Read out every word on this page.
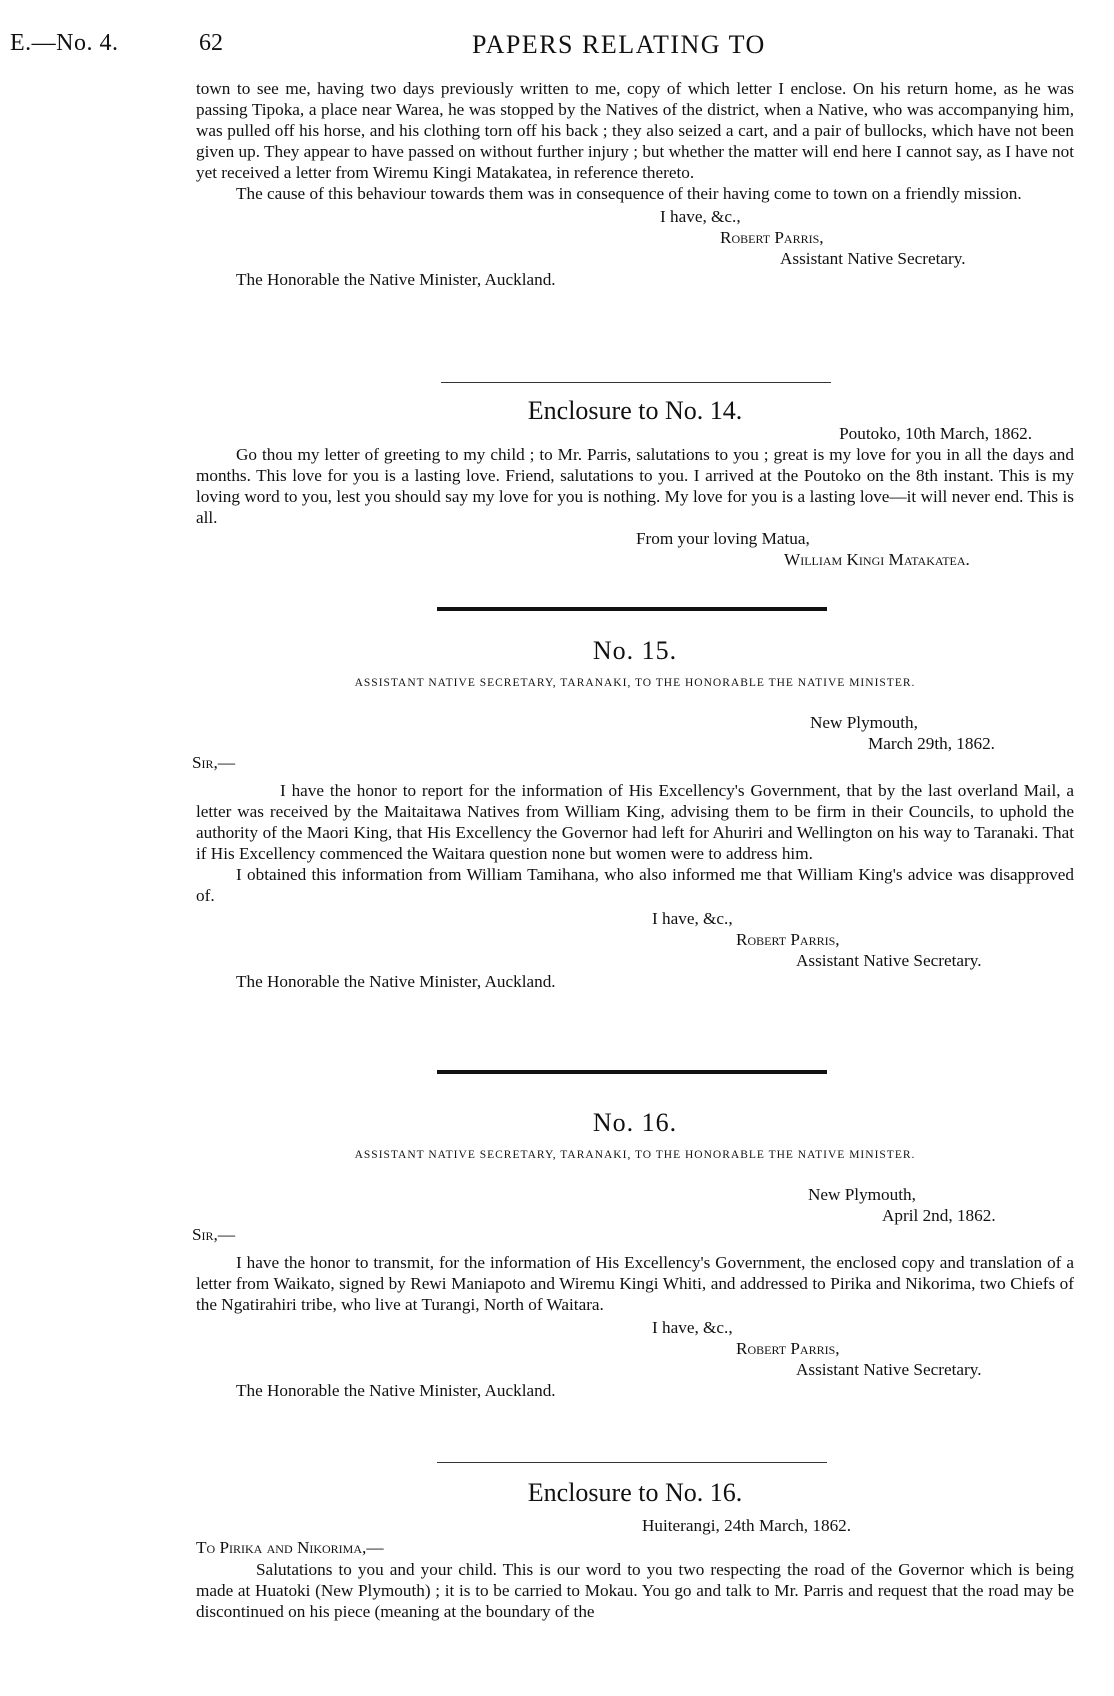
E.—No. 4.	62	PAPERS RELATING TO

town to see me, having two days previously written to me, copy of which letter I enclose. On his return home, as he was passing Tipoka, a place near Warea, he was stopped by the Natives of the district, when a Native, who was accompanying him, was pulled off his horse, and his clothing torn off his back ; they also seized a cart, and a pair of bullocks, which have not been given up. They appear to have passed on without further injury ; but whether the matter will end here I cannot say, as I have not yet received a letter from Wiremu Kingi Matakatea, in reference thereto.

The cause of this behaviour towards them was in consequence of their having come to town on a friendly mission.

I have, &c.,
Robert Parris,
Assistant Native Secretary.
The Honorable the Native Minister, Auckland.

Enclosure to No. 14.

Poutoko, 10th March, 1862.

Go thou my letter of greeting to my child ; to Mr. Parris, salutations to you ; great is my love for you in all the days and months. This love for you is a lasting love. Friend, salutations to you. I arrived at the Poutoko on the 8th instant. This is my loving word to you, lest you should say my love for you is nothing. My love for you is a lasting love—it will never end. This is all.

From your loving Matua,
William Kingi Matakatea.

No. 15.

ASSISTANT NATIVE SECRETARY, TARANAKI, TO THE HONORABLE THE NATIVE MINISTER.

New Plymouth,
March 29th, 1862.
Sir,—

I have the honor to report for the information of His Excellency's Government, that by the last overland Mail, a letter was received by the Maitaitawa Natives from William King, advising them to be firm in their Councils, to uphold the authority of the Maori King, that His Excellency the Governor had left for Ahuriri and Wellington on his way to Taranaki. That if His Excellency commenced the Waitara question none but women were to address him.

I obtained this information from William Tamihana, who also informed me that William King's advice was disapproved of.

I have, &c.,
Robert Parris,
Assistant Native Secretary.
The Honorable the Native Minister, Auckland.

No. 16.

ASSISTANT NATIVE SECRETARY, TARANAKI, TO THE HONORABLE THE NATIVE MINISTER.

New Plymouth,
April 2nd, 1862.
Sir,—

I have the honor to transmit, for the information of His Excellency's Government, the enclosed copy and translation of a letter from Waikato, signed by Rewi Maniapoto and Wiremu Kingi Whiti, and addressed to Pirika and Nikorima, two Chiefs of the Ngatirahiri tribe, who live at Turangi, North of Waitara.

I have, &c.,
Robert Parris,
Assistant Native Secretary.
The Honorable the Native Minister, Auckland.

Enclosure to No. 16.

Huiterangi, 24th March, 1862.
To Pirika and Nikorima,—

Salutations to you and your child. This is our word to you two respecting the road of the Governor which is being made at Huatoki (New Plymouth) ; it is to be carried to Mokau. You go and talk to Mr. Parris and request that the road may be discontinued on his piece (meaning at the boundary of the
